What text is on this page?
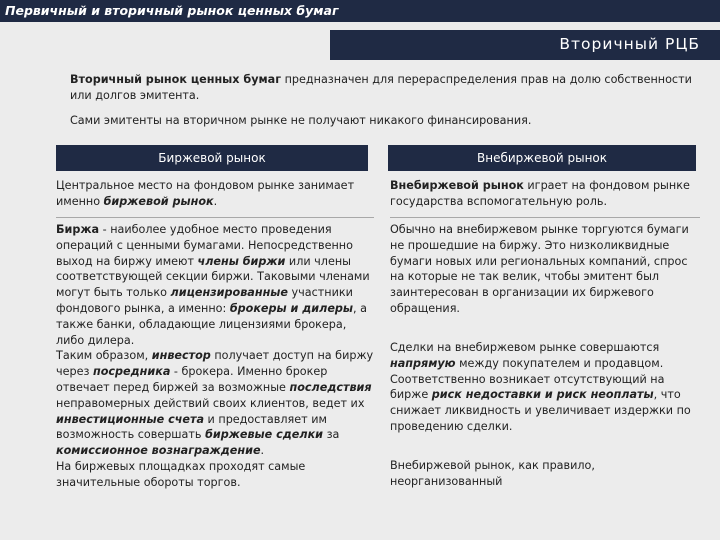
Первичный и вторичный рынок ценных бумаг
Вторичный РЦБ
Вторичный рынок ценных бумаг предназначен для перераспределения прав на долю собственности или долгов эмитента.
Сами эмитенты на вторичном рынке не получают никакого финансирования.
Биржевой рынок	Внебиржевой рынок
Центральное место на фондовом рынке занимает именно биржевой рынок.
Биржа - наиболее удобное место проведения операций с ценными бумагами. Непосредственно выход на биржу имеют члены биржи или члены соответствующей секции биржи. Таковыми членами могут быть только лицензированные участники фондового рынка, а именно: брокеры и дилеры, а также банки, обладающие лицензиями брокера, либо дилера.
Таким образом, инвестор получает доступ на биржу через посредника - брокера. Именно брокер отвечает перед биржей за возможные последствия неправомерных действий своих клиентов, ведет их инвестиционные счета и предоставляет им возможность совершать биржевые сделки за комиссионное вознаграждение.
На биржевых площадках проходят самые значительные обороты торгов.
Внебиржевой рынок играет на фондовом рынке государства вспомогательную роль.
Обычно на внебиржевом рынке торгуются бумаги не прошедшие на биржу. Это низколиквидные бумаги новых или региональных компаний, спрос на которые не так велик, чтобы эмитент был заинтересован в организации их биржевого обращения.
Сделки на внебиржевом рынке совершаются напрямую между покупателем и продавцом. Соответственно возникает отсутствующий на бирже риск недоставки и риск неоплаты, что снижает ликвидность и увеличивает издержки по проведению сделки.
Внебиржевой рынок, как правило, неорганизованный
